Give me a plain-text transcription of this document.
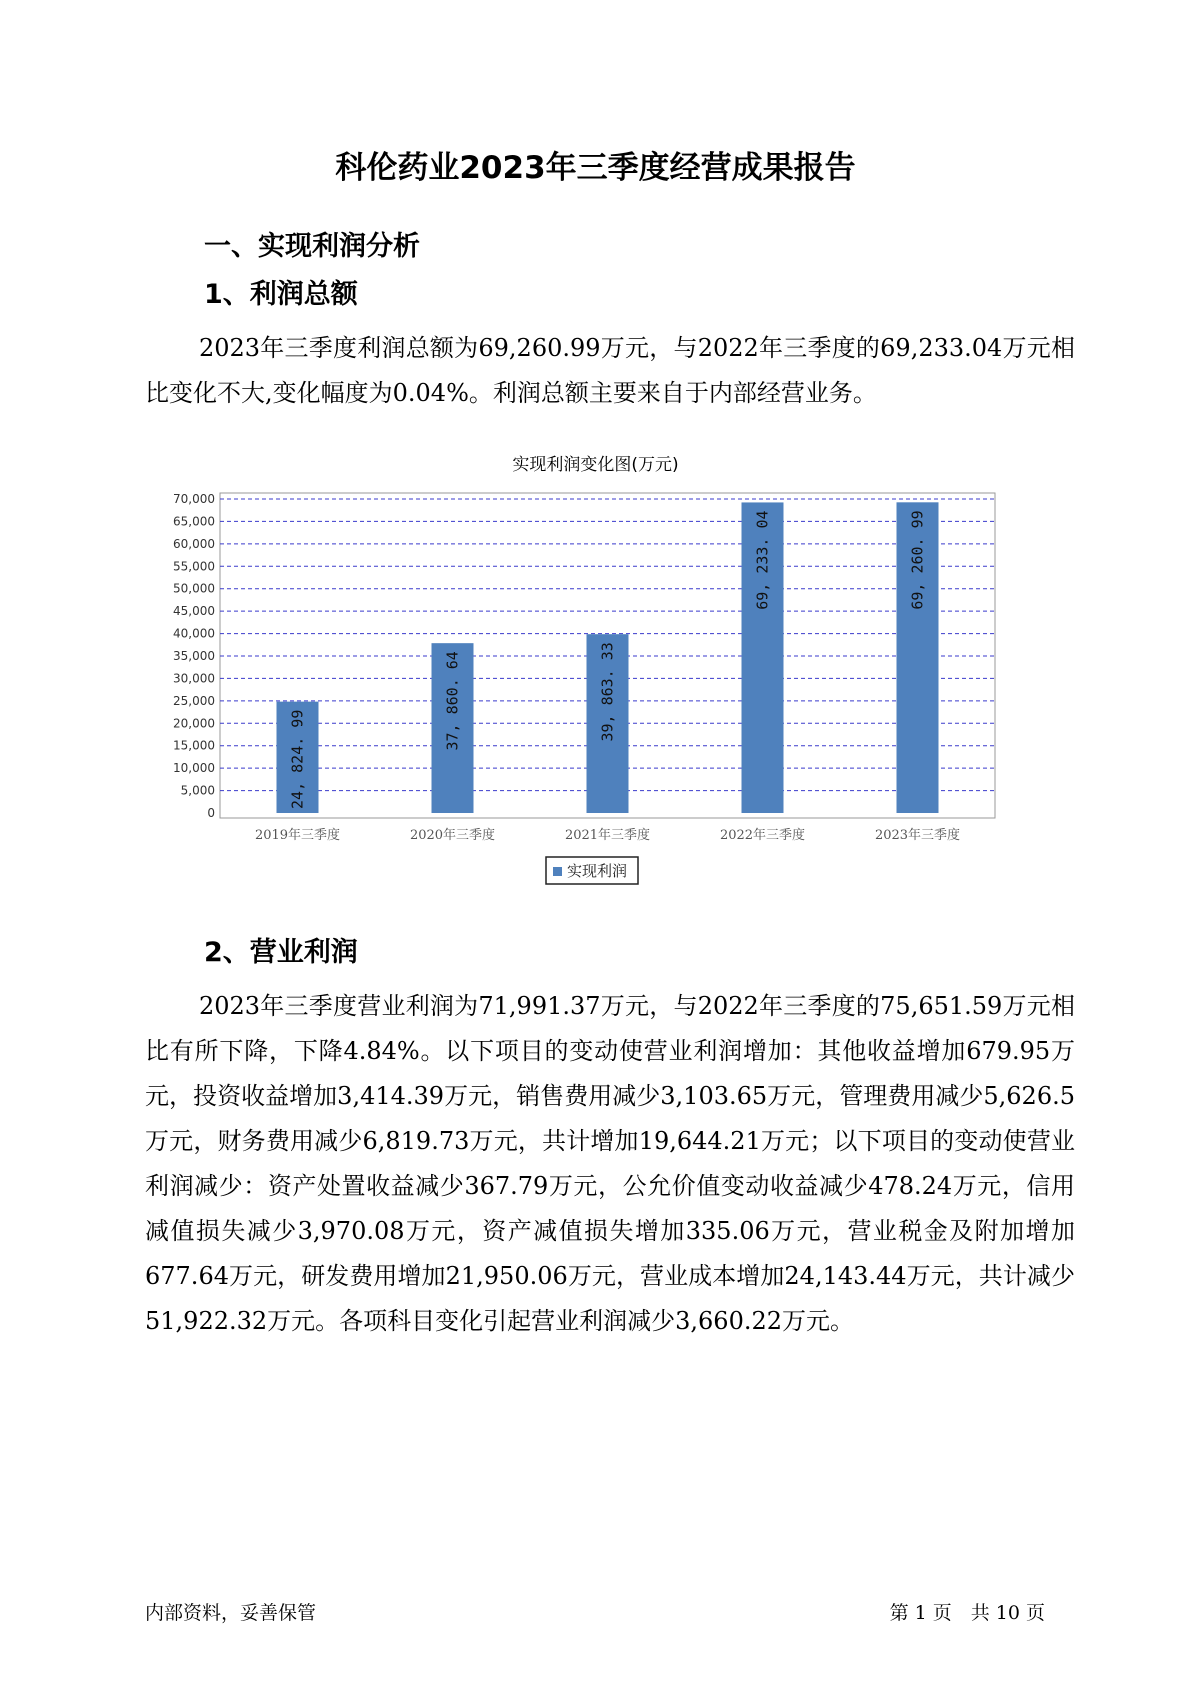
科伦药业2023年三季度经营成果报告
一、实现利润分析
1、利润总额

2023年三季度利润总额为69,260.99万元，与2022年三季度的69,233.04万元相比变化不大,变化幅度为0.04%。利润总额主要来自于内部经营业务。

实现利润变化图(万元)
0
5,000
10,000
15,000
20,000
25,000
30,000
35,000
40,000
45,000
50,000
55,000
60,000
65,000
70,000
24, 824. 99
37, 860. 64	39, 863. 33
69, 233. 04	69, 260. 99
2019年三季度	2020年三季度	2021年三季度	2022年三季度	2023年三季度
实现利润
2、营业利润

2023年三季度营业利润为71,991.37万元，与2022年三季度的75,651.59万元相比有所下降，下降4.84%。以下项目的变动使营业利润增加：其他收益增加679.95万元，投资收益增加3,414.39万元，销售费用减少3,103.65万元，管理费用减少5,626.5万元，财务费用减少6,819.73万元，共计增加19,644.21万元；以下项目的变动使营业利润减少：资产处置收益减少367.79万元，公允价值变动收益减少478.24万元，信用减值损失减少3,970.08万元，资产减值损失增加335.06万元，营业税金及附加增加677.64万元，研发费用增加21,950.06万元，营业成本增加24,143.44万元，共计减少51,922.32万元。各项科目变化引起营业利润减少3,660.22万元。

内部资料，妥善保管	第 1 页　共 10 页
